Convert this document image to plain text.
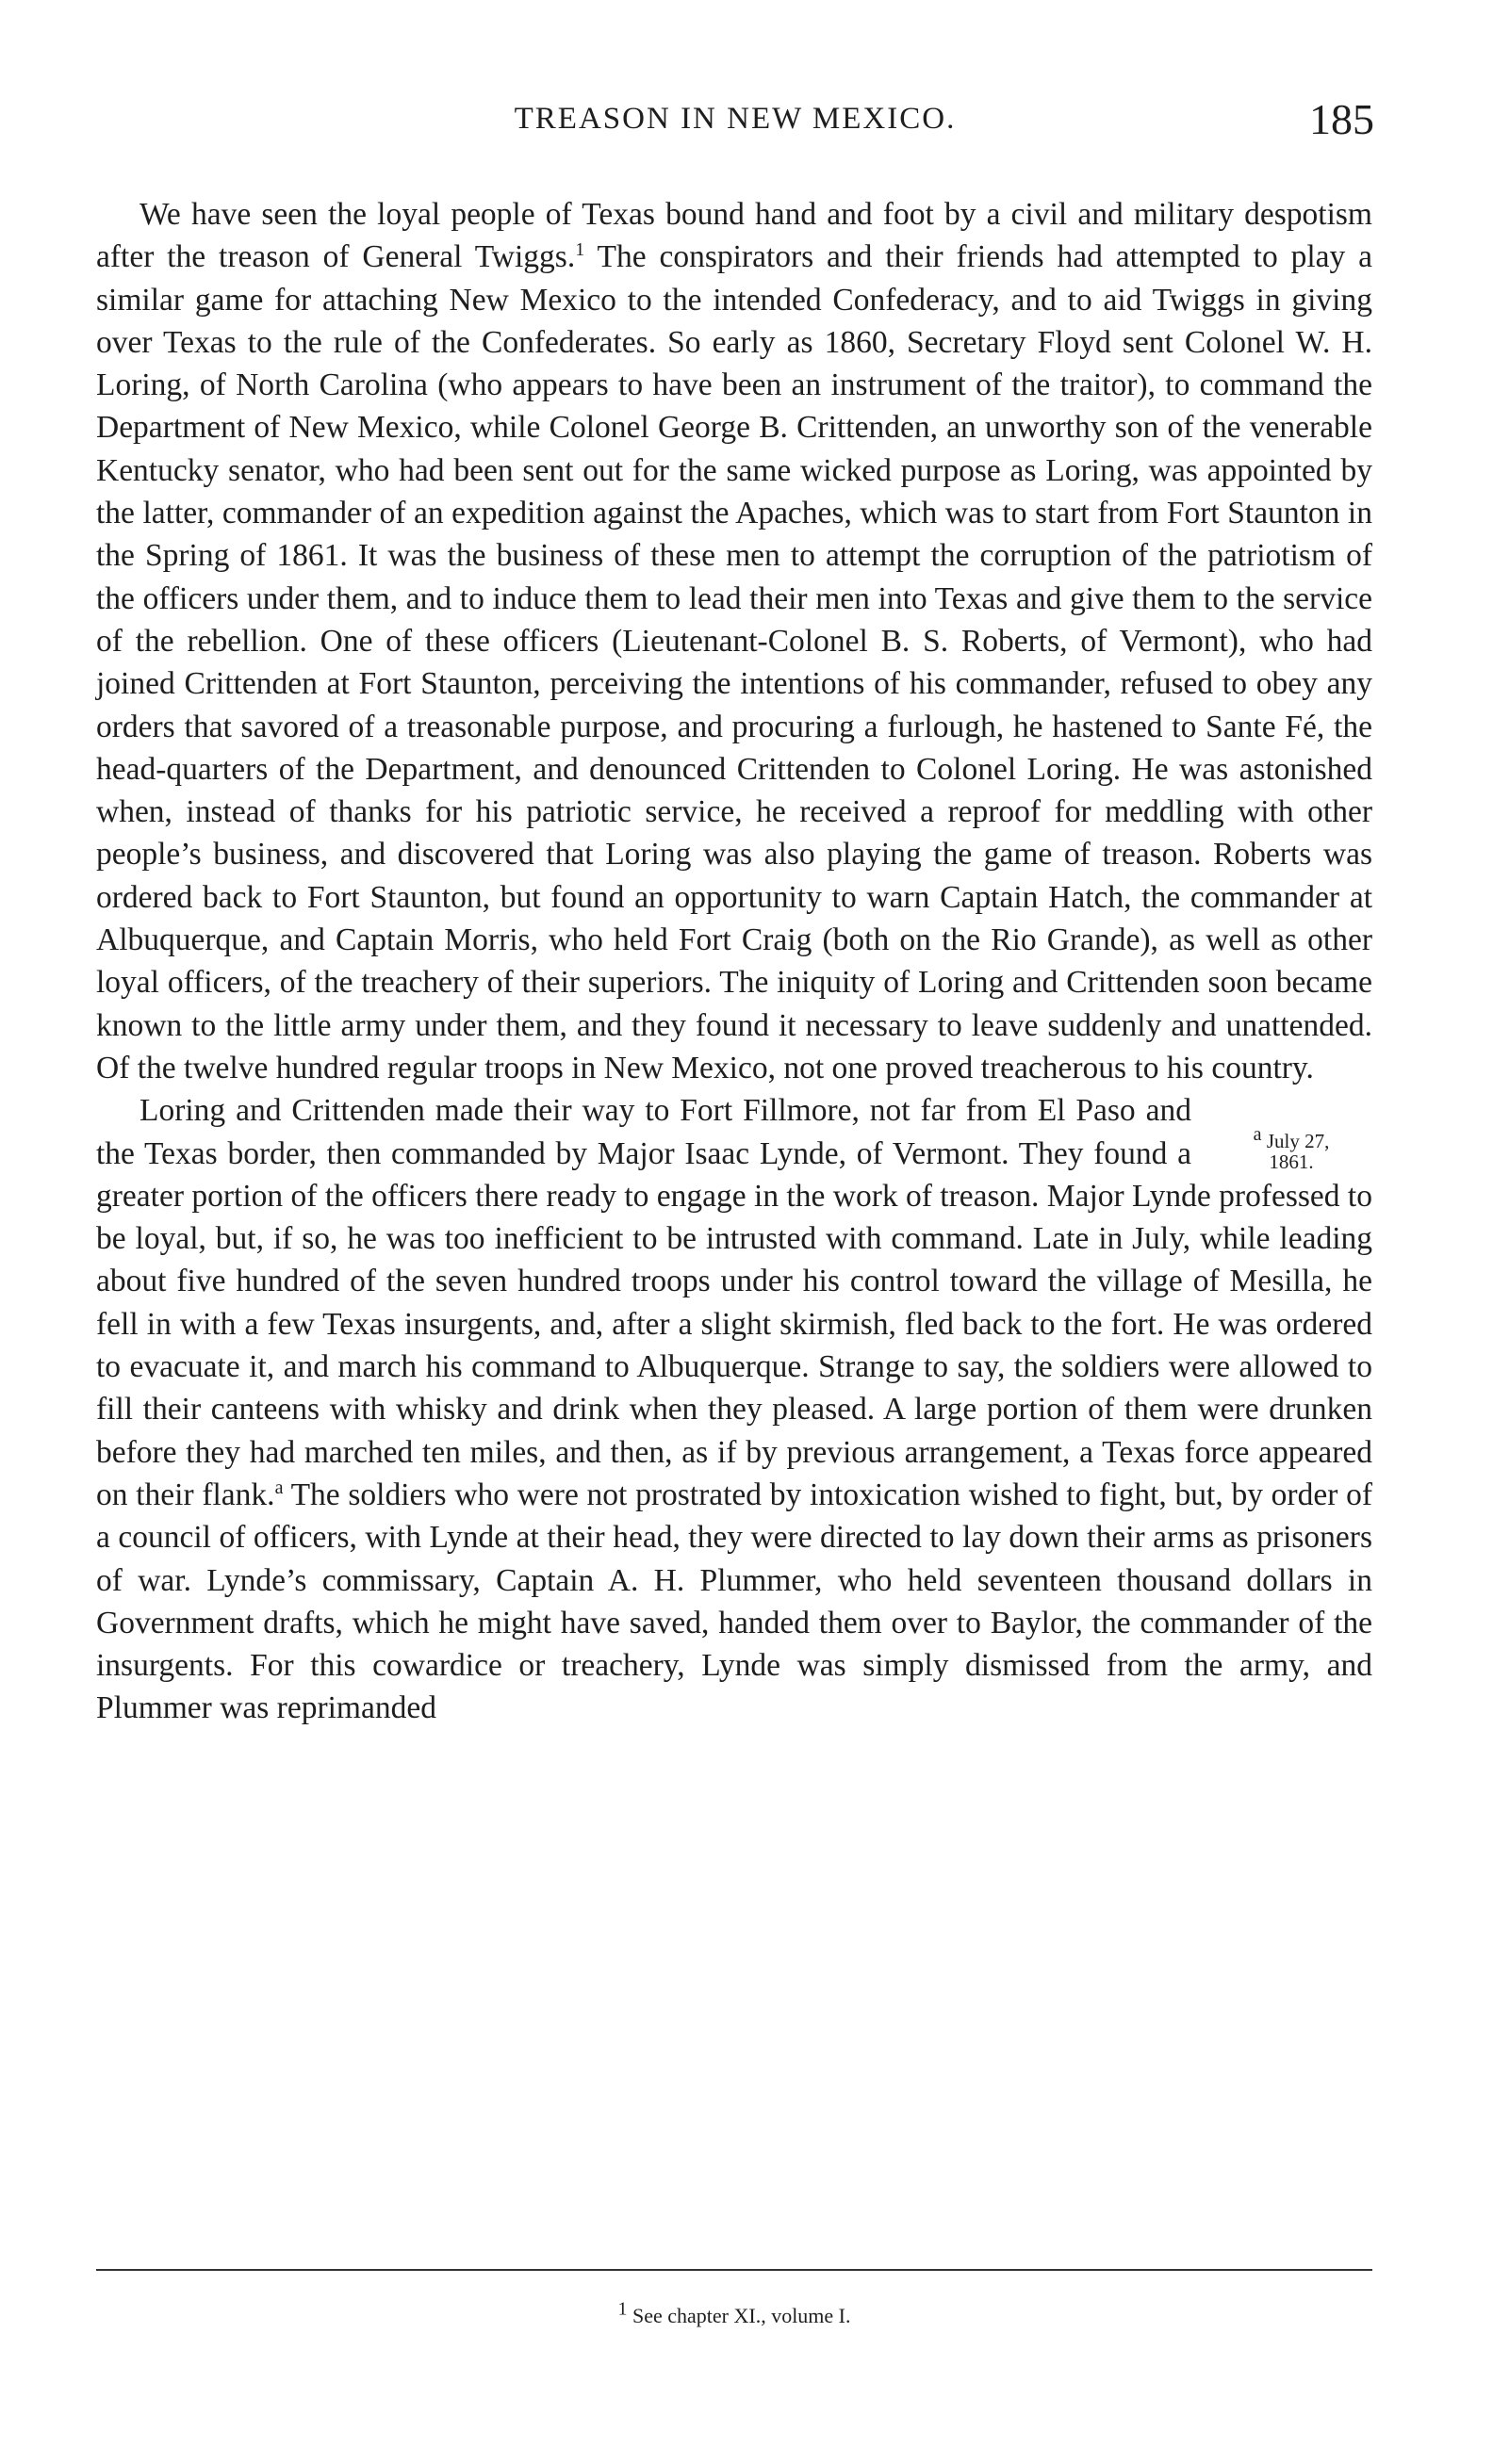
TREASON IN NEW MEXICO.	185

We have seen the loyal people of Texas bound hand and foot by a civil and military despotism after the treason of General Twiggs.$^1$ The conspirators and their friends had attempted to play a similar game for attaching New Mexico to the intended Confederacy, and to aid Twiggs in giving over Texas to the rule of the Confederates. So early as 1860, Secretary Floyd sent Colonel W. H. Loring, of North Carolina (who appears to have been an instrument of the traitor), to command the Department of New Mexico, while Colonel George B. Crittenden, an unworthy son of the venerable Kentucky senator, who had been sent out for the same wicked purpose as Loring, was appointed by the latter, commander of an expedition against the Apaches, which was to start from Fort Staunton in the Spring of 1861. It was the business of these men to attempt the corruption of the patriotism of the officers under them, and to induce them to lead their men into Texas and give them to the service of the rebellion. One of these officers (Lieutenant-Colonel B. S. Roberts, of Vermont), who had joined Crittenden at Fort Staunton, perceiving the intentions of his commander, refused to obey any orders that savored of a treasonable purpose, and procuring a furlough, he hastened to Sante Fé, the head-quarters of the Department, and denounced Crittenden to Colonel Loring. He was astonished when, instead of thanks for his patriotic service, he received a reproof for meddling with other people’s business, and discovered that Loring was also playing the game of treason. Roberts was ordered back to Fort Staunton, but found an opportunity to warn Captain Hatch, the commander at Albuquerque, and Captain Morris, who held Fort Craig (both on the Rio Grande), as well as other loyal officers, of the treachery of their superiors. The iniquity of Loring and Crittenden soon became known to the little army under them, and they found it necessary to leave suddenly and unattended. Of the twelve hundred regular troops in New Mexico, not one proved treacherous to his country.

$^a$ July 27,
1861.
Loring and Crittenden made their way to Fort Fillmore, not far from El Paso and the Texas border, then commanded by Major Isaac Lynde, of Vermont. They found a greater portion of the officers there ready to engage in the work of treason. Major Lynde professed to be loyal, but, if so, he was too inefficient to be intrusted with command. Late in July, while leading about five hundred of the seven hundred troops under his control toward the village of Mesilla, he fell in with a few Texas insurgents, and, after a slight skirmish, fled back to the fort. He was ordered to evacuate it, and march his command to Albuquerque. Strange to say, the soldiers were allowed to fill their canteens with whisky and drink when they pleased. A large portion of them were drunken before they had marched ten miles, and then, as if by previous arrangement, a Texas force appeared on their flank.$^a$ The soldiers who were not prostrated by intoxication wished to fight, but, by order of a council of officers, with Lynde at their head, they were directed to lay down their arms as prisoners of war. Lynde’s commissary, Captain A. H. Plummer, who held seventeen thousand dollars in Government drafts, which he might have saved, handed them over to Baylor, the commander of the insurgents. For this cowardice or treachery, Lynde was simply dismissed from the army, and Plummer was reprimanded

$^1$ See chapter XI., volume I.
